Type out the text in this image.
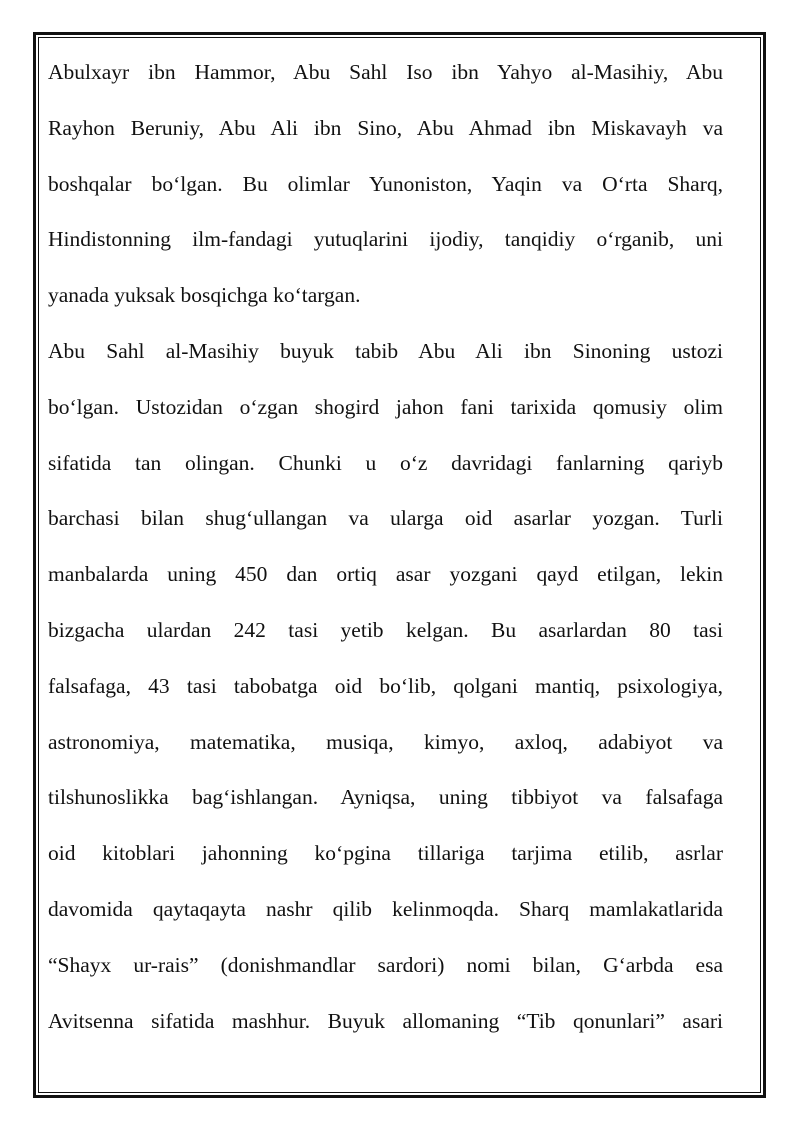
Abulxayr ibn Hammor, Abu Sahl Iso ibn Yahyo al-Masihiy, Abu
Rayhon Beruniy, Abu Ali ibn Sino, Abu Ahmad ibn Miskavayh va
boshqalar bo‘lgan. Bu olimlar Yunoniston, Yaqin va O‘rta Sharq,
Hindistonning ilm-fandagi yutuqlarini ijodiy, tanqidiy o‘rganib, uni
yanada yuksak bosqichga ko‘targan.
Abu Sahl al-Masihiy buyuk tabib Abu Ali ibn Sinoning ustozi
bo‘lgan. Ustozidan o‘zgan shogird jahon fani tarixida qomusiy olim
sifatida tan olingan. Chunki u o‘z davridagi fanlarning qariyb
barchasi bilan shug‘ullangan va ularga oid asarlar yozgan. Turli
manbalarda uning 450 dan ortiq asar yozgani qayd etilgan, lekin
bizgacha ulardan 242 tasi yetib kelgan. Bu asarlardan 80 tasi
falsafaga, 43 tasi tabobatga oid bo‘lib, qolgani mantiq, psixologiya,
astronomiya, matematika, musiqa, kimyo, axloq, adabiyot va
tilshunoslikka bag‘ishlangan. Ayniqsa, uning tibbiyot va falsafaga
oid kitoblari jahonning ko‘pgina tillariga tarjima etilib, asrlar
davomida qaytaqayta nashr qilib kelinmoqda. Sharq mamlakatlarida
“Shayx ur-rais” (donishmandlar sardori) nomi bilan, G‘arbda esa
Avitsenna sifatida mashhur. Buyuk allomaning “Tib qonunlari” asari
